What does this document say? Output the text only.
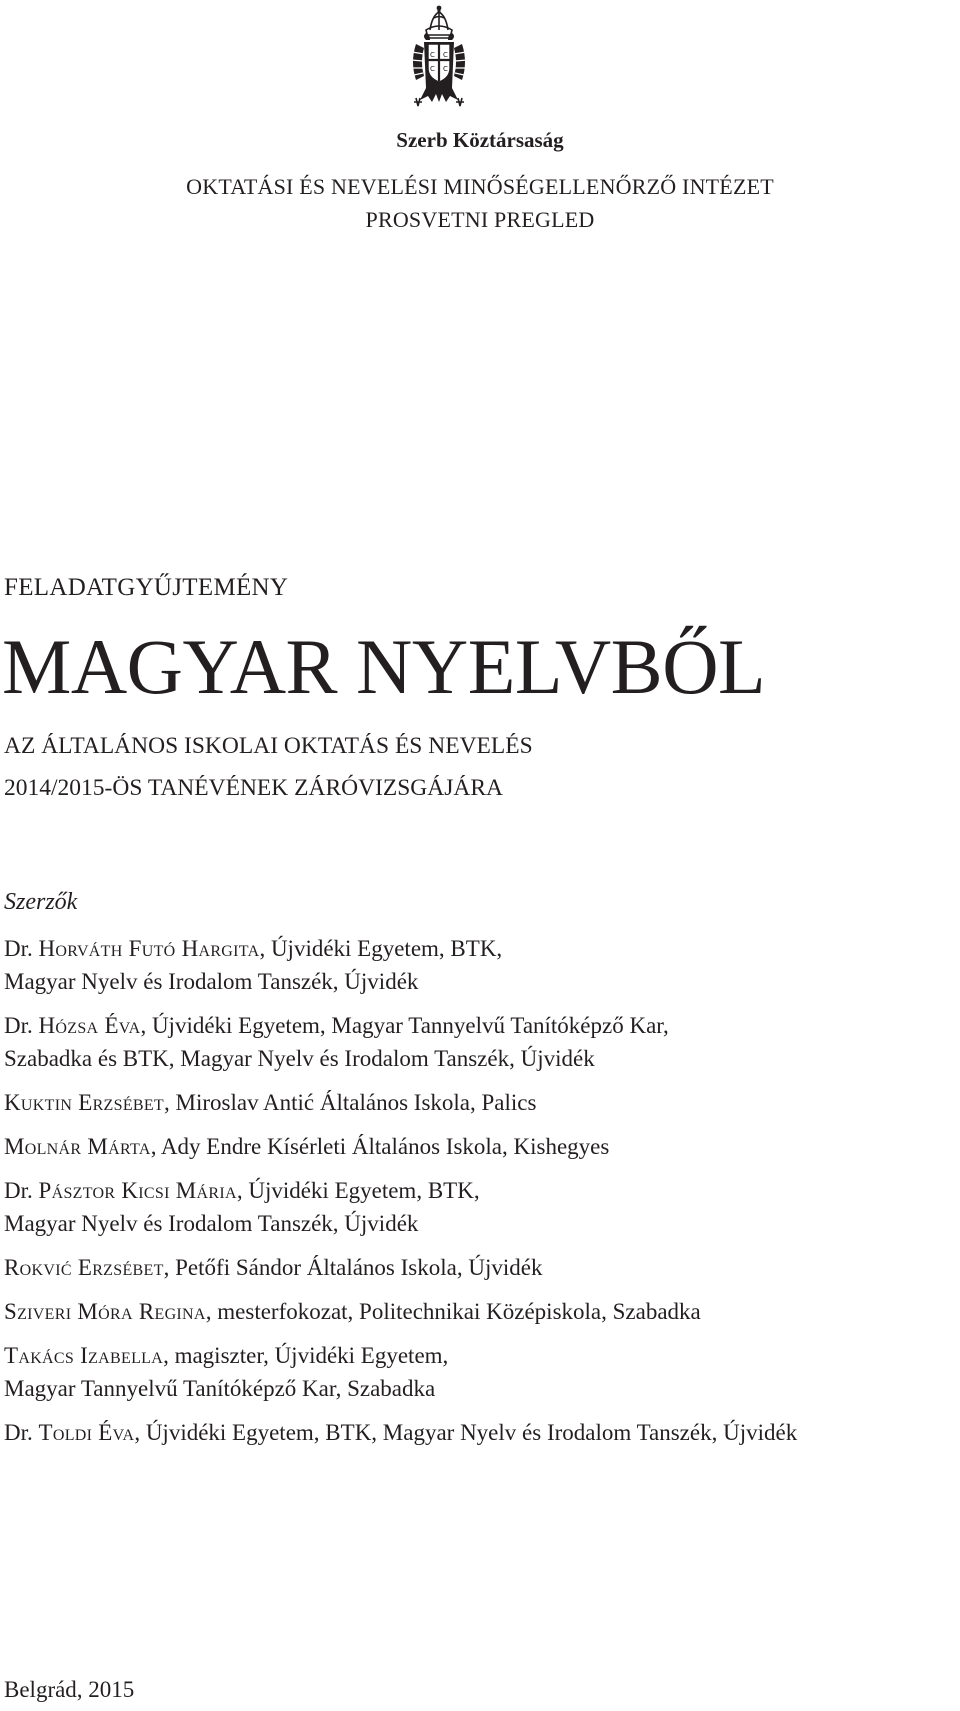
C C
C C
Szerb Köztársaság
OKTATÁSI ÉS NEVELÉSI MINŐSÉGELLENŐRZŐ INTÉZET
PROSVETNI PREGLED
FELADATGYŰJTEMÉNY
MAGYAR NYELVBŐL
AZ ÁLTALÁNOS ISKOLAI OKTATÁS ÉS NEVELÉS
2014/2015-ÖS TANÉVÉNEK ZÁRÓVIZSGÁJÁRA
Szerzők
Dr. Horváth Futó Hargita, Újvidéki Egyetem, BTK,
Magyar Nyelv és Irodalom Tanszék, Újvidék
Dr. Hózsa Éva, Újvidéki Egyetem, Magyar Tannyelvű Tanítóképző Kar,
Szabadka és BTK, Magyar Nyelv és Irodalom Tanszék, Újvidék
Kuktin Erzsébet, Miroslav Antić Általános Iskola, Palics
Molnár Márta, Ady Endre Kísérleti Általános Iskola, Kishegyes
Dr. Pásztor Kicsi Mária, Újvidéki Egyetem, BTK,
Magyar Nyelv és Irodalom Tanszék, Újvidék
Rokvić Erzsébet, Petőfi Sándor Általános Iskola, Újvidék
Sziveri Móra Regina, mesterfokozat, Politechnikai Középiskola, Szabadka
Takács Izabella, magiszter, Újvidéki Egyetem,
Magyar Tannyelvű Tanítóképző Kar, Szabadka
Dr. Toldi Éva, Újvidéki Egyetem, BTK, Magyar Nyelv és Irodalom Tanszék, Újvidék
Belgrád, 2015
